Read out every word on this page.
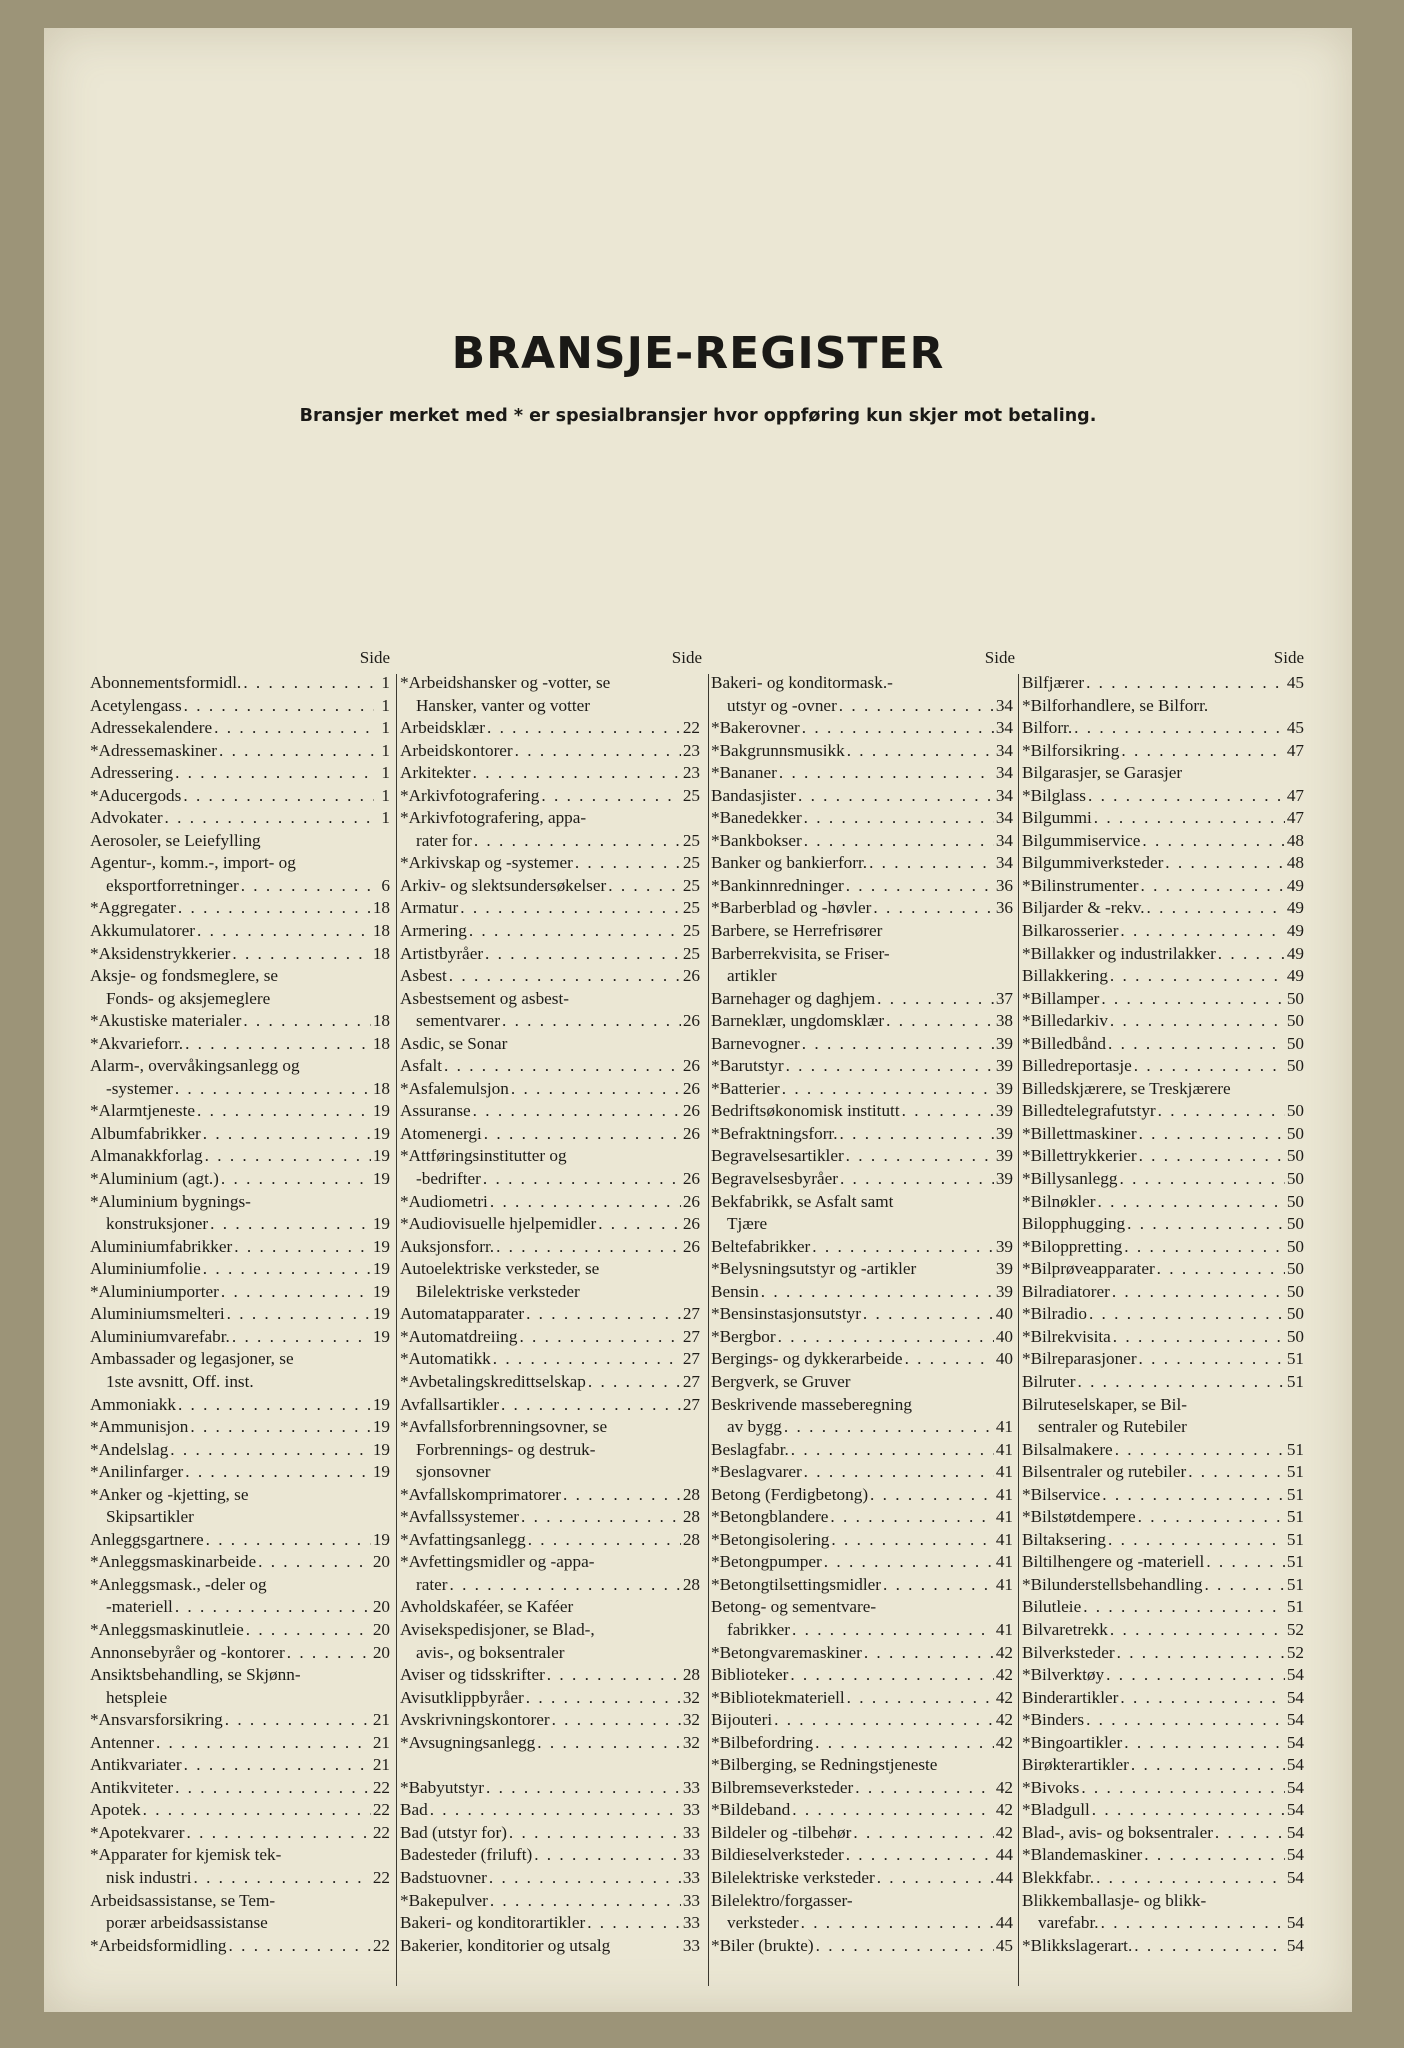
BRANSJE-REGISTER

Bransjer merket med * er spesialbransjer hvor oppføring kun skjer mot betaling.

Side
Abonnementsformidl. . . .	1
Acetylengass . . .	1
Adressekalendere . . .	1
*Adressemaskiner . . .	1
Adressering . . .	1
*Aducergods . . .	1
Advokater . . .	1
Aerosoler, se Leiefylling
Agentur-, komm.-, import- og
eksportforretninger . . .	6
*Aggregater . . .	18
Akkumulatorer . . .	18
*Aksidenstrykkerier . . .	18
Aksje- og fondsmeglere, se
Fonds- og aksjemeglere
*Akustiske materialer . . .	18
*Akvarieforr. . . .	18
Alarm-, overvåkingsanlegg og
-systemer . . .	18
*Alarmtjeneste . . .	19
Albumfabrikker . . .	19
Almanakkforlag . . .	19
*Aluminium (agt.) . . .	19
*Aluminium bygnings-
konstruksjoner . . .	19
Aluminiumfabrikker . . .	19
Aluminiumfolie . . .	19
*Aluminiumporter . . .	19
Aluminiumsmelteri . . .	19
Aluminiumvarefabr. . . .	19
Ambassader og legasjoner, se
1ste avsnitt, Off. inst.
Ammoniakk . . .	19
*Ammunisjon . . .	19
*Andelslag . . .	19
*Anilinfarger . . .	19
*Anker og -kjetting, se
Skipsartikler
Anleggsgartnere . . .	19
*Anleggsmaskinarbeide . . .	20
*Anleggsmask., -deler og
-materiell . . .	20
*Anleggsmaskinutleie . . .	20
Annonsebyråer og -kontorer . . .	20
Ansiktsbehandling, se Skjønn-
hetspleie
*Ansvarsforsikring . . .	21
Antenner . . .	21
Antikvariater . . .	21
Antikviteter . . .	22
Apotek . . .	22
*Apotekvarer . . .	22
*Apparater for kjemisk tek-
nisk industri . . .	22
Arbeidsassistanse, se Tem-
porær arbeidsassistanse
*Arbeidsformidling . . .	22
Side
*Arbeidshansker og -votter, se
Hansker, vanter og votter
Arbeidsklær . . .	22
Arbeidskontorer . . .	23
Arkitekter . . .	23
*Arkivfotografering . . .	25
*Arkivfotografering, appa-
rater for . . .	25
*Arkivskap og -systemer . . .	25
Arkiv- og slektsundersøkelser . . .	25
Armatur . . .	25
Armering . . .	25
Artistbyråer . . .	25
Asbest . . .	26
Asbestsement og asbest-
sementvarer . . .	26
Asdic, se Sonar
Asfalt . . .	26
*Asfalemulsjon . . .	26
Assuranse . . .	26
Atomenergi . . .	26
*Attføringsinstitutter og
-bedrifter . . .	26
*Audiometri . . .	26
*Audiovisuelle hjelpemidler . . .	26
Auksjonsforr. . . .	26
Autoelektriske verksteder, se
Bilelektriske verksteder
Automatapparater . . .	27
*Automatdreiing . . .	27
*Automatikk . . .	27
*Avbetalingskredittselskap . . .	27
Avfallsartikler . . .	27
*Avfallsforbrenningsovner, se
Forbrennings- og destruk-
sjonsovner
*Avfallskomprimatorer . . .	28
*Avfallssystemer . . .	28
*Avfattingsanlegg . . .	28
*Avfettingsmidler og -appa-
rater . . .	28
Avholdskaféer, se Kaféer
Avisekspedisjoner, se Blad-,
avis-, og boksentraler
Aviser og tidsskrifter . . .	28
Avisutklippbyråer . . .	32
Avskrivningskontorer . . .	32
*Avsugningsanlegg . . .	32
*Babyutstyr . . .	33
Bad . . .	33
Bad (utstyr for) . . .	33
Badesteder (friluft) . . .	33
Badstuovner . . .	33
*Bakepulver . . .	33
Bakeri- og konditorartikler . . .	33
Bakerier, konditorier og utsalg	33
Side
Bakeri- og konditormask.-
utstyr og -ovner . . .	34
*Bakerovner . . .	34
*Bakgrunnsmusikk . . .	34
*Bananer . . .	34
Bandasjister . . .	34
*Banedekker . . .	34
*Bankbokser . . .	34
Banker og bankierforr. . . .	34
*Bankinnredninger . . .	36
*Barberblad og -høvler . . .	36
Barbere, se Herrefrisører
Barberrekvisita, se Friser-
artikler
Barnehager og daghjem . . .	37
Barneklær, ungdomsklær . . .	38
Barnevogner . . .	39
*Barutstyr . . .	39
*Batterier . . .	39
Bedriftsøkonomisk institutt . . .	39
*Befraktningsforr. . . .	39
Begravelsesartikler . . .	39
Begravelsesbyråer . . .	39
Bekfabrikk, se Asfalt samt
Tjære
Beltefabrikker . . .	39
*Belysningsutstyr og -artikler	39
Bensin . . .	39
*Bensinstasjonsutstyr . . .	40
*Bergbor . . .	40
Bergings- og dykkerarbeide . . .	40
Bergverk, se Gruver
Beskrivende masseberegning
av bygg . . .	41
Beslagfabr. . . .	41
*Beslagvarer . . .	41
Betong (Ferdigbetong) . . .	41
*Betongblandere . . .	41
*Betongisolering . . .	41
*Betongpumper . . .	41
*Betongtilsettingsmidler . . .	41
Betong- og sementvare-
fabrikker . . .	41
*Betongvaremaskiner . . .	42
Biblioteker . . .	42
*Bibliotekmateriell . . .	42
Bijouteri . . .	42
*Bilbefordring . . .	42
*Bilberging, se Redningstjeneste
Bilbremseverksteder . . .	42
*Bildeband . . .	42
Bildeler og -tilbehør . . .	42
Bildieselverksteder . . .	44
Bilelektriske verksteder . . .	44
Bilelektro/forgasser-
verksteder . . .	44
*Biler (brukte) . . .	45
Side
Bilfjærer . . .	45
*Bilforhandlere, se Bilforr.
Bilforr. . . .	45
*Bilforsikring . . .	47
Bilgarasjer, se Garasjer
*Bilglass . . .	47
Bilgummi . . .	47
Bilgummiservice . . .	48
Bilgummiverksteder . . .	48
*Bilinstrumenter . . .	49
Biljarder & -rekv. . . .	49
Bilkarosserier . . .	49
*Billakker og industrilakker . . .	49
Billakkering . . .	49
*Billamper . . .	50
*Billedarkiv . . .	50
*Billedbånd . . .	50
Billedreportasje . . .	50
Billedskjærere, se Treskjærere
Billedtelegrafutstyr . . .	50
*Billettmaskiner . . .	50
*Billettrykkerier . . .	50
*Billysanlegg . . .	50
*Bilnøkler . . .	50
Bilopphugging . . .	50
*Biloppretting . . .	50
*Bilprøveapparater . . .	50
Bilradiatorer . . .	50
*Bilradio . . .	50
*Bilrekvisita . . .	50
*Bilreparasjoner . . .	51
Bilruter . . .	51
Bilruteselskaper, se Bil-
sentraler og Rutebiler
Bilsalmakere . . .	51
Bilsentraler og rutebiler . . .	51
*Bilservice . . .	51
*Bilstøtdempere . . .	51
Biltaksering . . .	51
Biltilhengere og -materiell . . .	51
*Bilunderstellsbehandling . . .	51
Bilutleie . . .	51
Bilvaretrekk . . .	52
Bilverksteder . . .	52
*Bilverktøy . . .	54
Binderartikler . . .	54
*Binders . . .	54
*Bingoartikler . . .	54
Birøkterartikler . . .	54
*Bivoks . . .	54
*Bladgull . . .	54
Blad-, avis- og boksentraler . . .	54
*Blandemaskiner . . .	54
Blekkfabr. . . .	54
Blikkemballasje- og blikk-
varefabr. . . .	54
*Blikkslagerart. . . .	54
